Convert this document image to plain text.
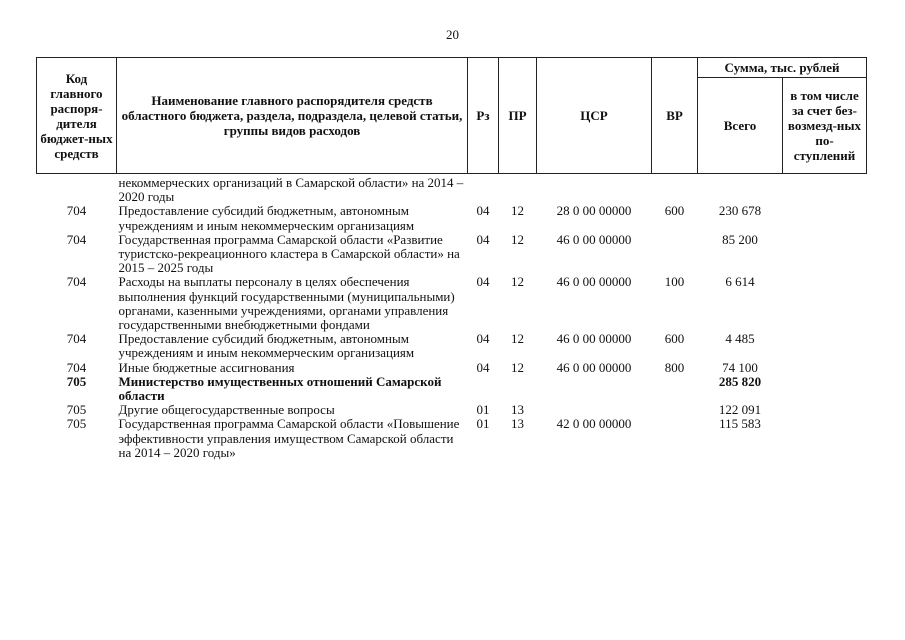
20
Код главного распоря-дителя бюджет-ных средств	Наименование главного распорядителя средств областного бюджета, раздела, подраздела, целевой статьи, группы видов расходов	Рз	ПР	ЦСР	ВР	Сумма, тыс. рублей	
						Всего	в том числе за счет без-возмезд-ных по-ступлений
	некоммерческих организаций в Самарской области» на 2014 – 2020 годы						
704	Предоставление субсидий бюджетным, автономным учреждениям и иным некоммерческим организациям	04	12	28 0 00 00000	600	230 678	
704	Государственная программа Самарской области «Развитие туристско-рекреационного кластера в Самарской области» на 2015 – 2025 годы	04	12	46 0 00 00000		85 200	
704	Расходы на выплаты персоналу в целях обеспечения выполнения функций государственными (муниципальными) органами, казенными учреждениями, органами управления государственными внебюджетными фондами	04	12	46 0 00 00000	100	6 614	
704	Предоставление субсидий бюджетным, автономным учреждениям и иным некоммерческим организациям	04	12	46 0 00 00000	600	4 485	
704	Иные бюджетные ассигнования	04	12	46 0 00 00000	800	74 100	
705	Министерство имущественных отношений Самарской области					285 820	
705	Другие общегосударственные вопросы	01	13			122 091	
705	Государственная программа Самарской области «Повышение эффективности управления имуществом Самарской области на 2014 – 2020 годы»	01	13	42 0 00 00000		115 583	
